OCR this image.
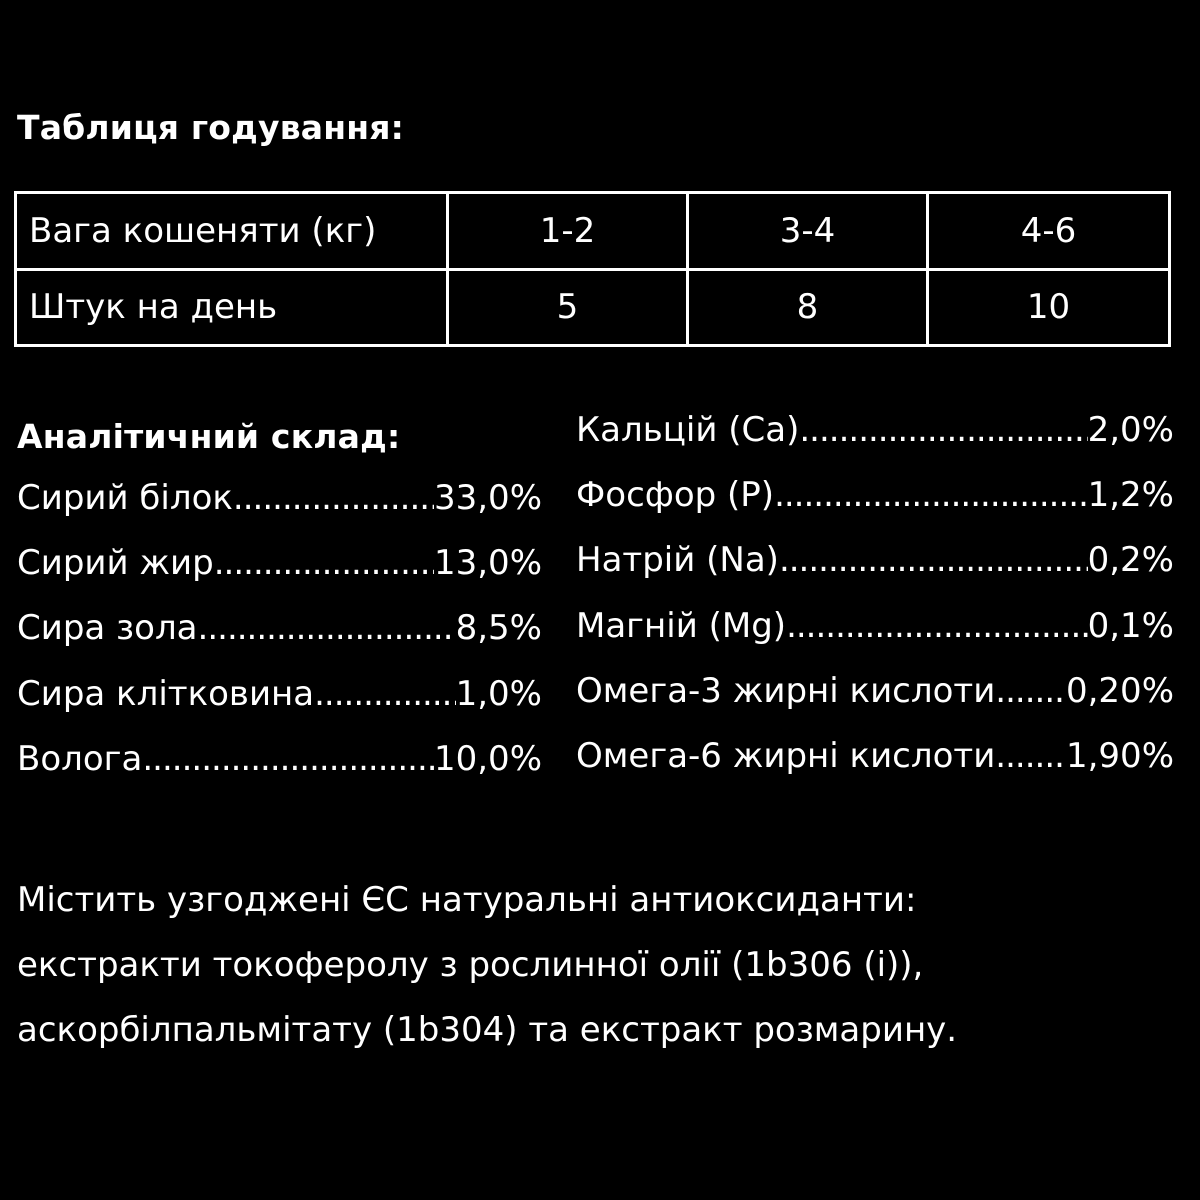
Таблиця годування:
Вага кошеняти (кг)	1-2	3-4	4-6
Штук на день	5	8	10
Аналітичний склад:
Сирий білок .....	33,0%
Сирий жир .....	13,0%
Сира зола .....	8,5%
Сира клітковина .....	1,0%
Волога .....	10,0%
Кальцій (Ca) .....	2,0%
Фосфор (P) .....	1,2%
Натрій (Na) .....	0,2%
Магній (Mg) .....	0,1%
Омега-3 жирні кислоти ..... 0,20%
Омега-6 жирні кислоти ..... 1,90%
Містить узгоджені ЄС натуральні антиоксиданти:
екстракти токоферолу з рослинної олії (1b306 (i)),
аскорбілпальмітату (1b304) та екстракт розмарину.
